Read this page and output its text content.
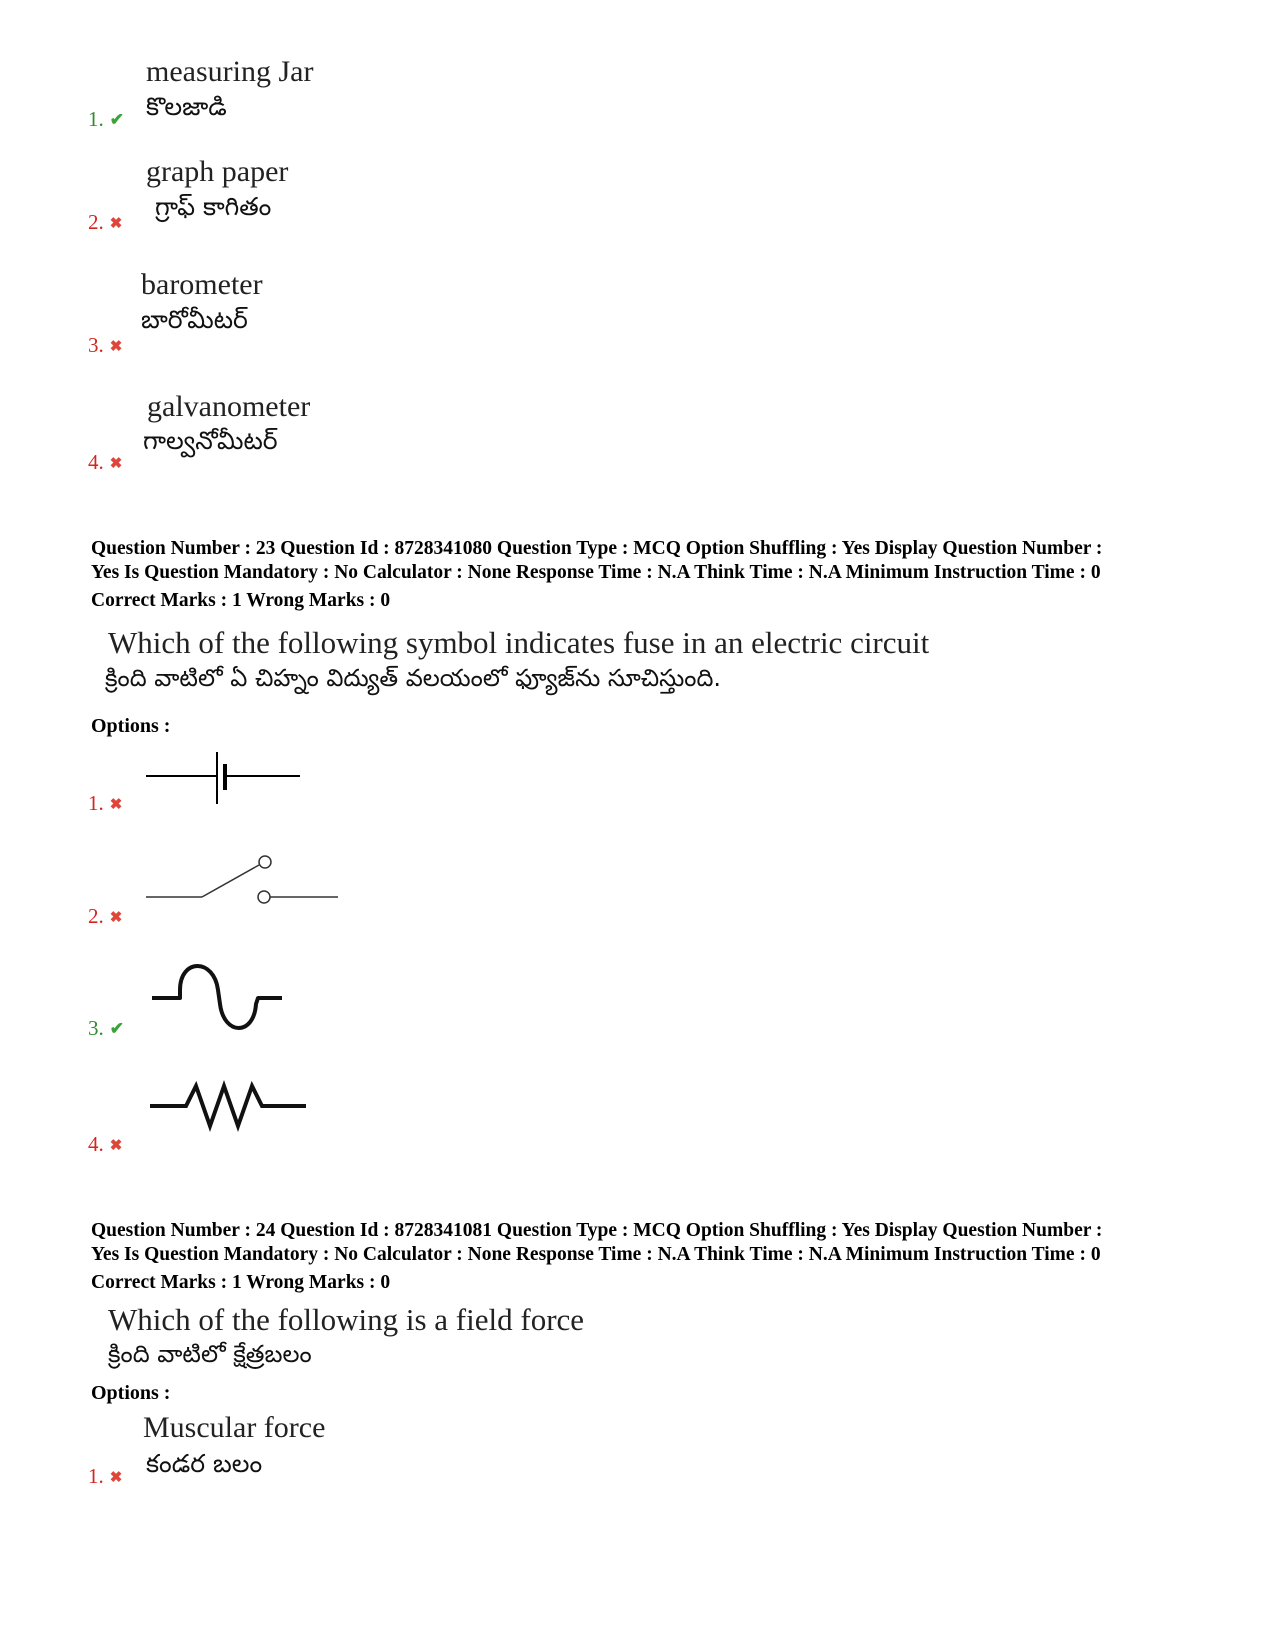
measuring Jar
కొలజాడి
1. ✔
graph paper
గ్రాఫ్ కాగితం
2. ✖
barometer
బారోమీటర్
3. ✖
galvanometer
గాల్వనోమీటర్
4. ✖
Question Number : 23 Question Id : 8728341080 Question Type : MCQ Option Shuffling : Yes Display Question Number :
Yes Is Question Mandatory : No Calculator : None Response Time : N.A Think Time : N.A Minimum Instruction Time : 0
Correct Marks : 1 Wrong Marks : 0
Which of the following symbol indicates fuse in an electric circuit
క్రింది వాటిలో ఏ చిహ్నం విద్యుత్ వలయంలో ఫ్యూజ్‌ను సూచిస్తుంది.
Options :
1. ✖
2. ✖
3. ✔
4. ✖
Question Number : 24 Question Id : 8728341081 Question Type : MCQ Option Shuffling : Yes Display Question Number :
Yes Is Question Mandatory : No Calculator : None Response Time : N.A Think Time : N.A Minimum Instruction Time : 0
Correct Marks : 1 Wrong Marks : 0
Which of the following is a field force
క్రింది వాటిలో క్షేత్రబలం
Options :
Muscular force
కండర బలం
1. ✖
